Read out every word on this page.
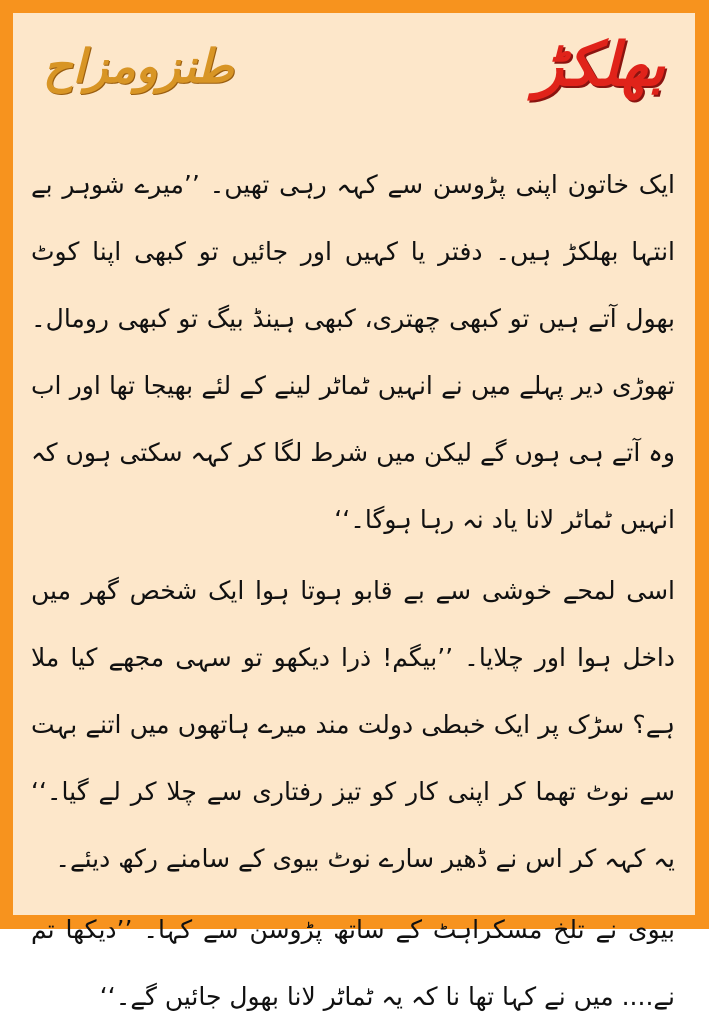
بھلکڑ
طنزومزاح

ایک خاتون اپنی پڑوسن سے کہہ رہی تھیں۔ ’’میرے شوہر بے انتہا بھلکڑ ہیں۔ دفتر یا کہیں اور جائیں تو کبھی اپنا کوٹ بھول آتے ہیں تو کبھی چھتری، کبھی ہینڈ بیگ تو کبھی رومال۔ تھوڑی دیر پہلے میں نے انہیں ٹماٹر لینے کے لئے بھیجا تھا اور اب وہ آتے ہی ہوں گے لیکن میں شرط لگا کر کہہ سکتی ہوں کہ انہیں ٹماٹر لانا یاد نہ رہا ہوگا۔‘‘

اسی لمحے خوشی سے بے قابو ہوتا ہوا ایک شخص گھر میں داخل ہوا اور چلایا۔ ’’بیگم! ذرا دیکھو تو سہی مجھے کیا ملا ہے؟ سڑک پر ایک خبطی دولت مند میرے ہاتھوں میں اتنے بہت سے نوٹ تھما کر اپنی کار کو تیز رفتاری سے چلا کر لے گیا۔‘‘ یہ کہہ کر اس نے ڈھیر سارے نوٹ بیوی کے سامنے رکھ دیئے۔

بیوی نے تلخ مسکراہٹ کے ساتھ پڑوسن سے کہا۔ ’’دیکھا تم نے.... میں نے کہا تھا نا کہ یہ ٹماٹر لانا بھول جائیں گے۔‘‘
